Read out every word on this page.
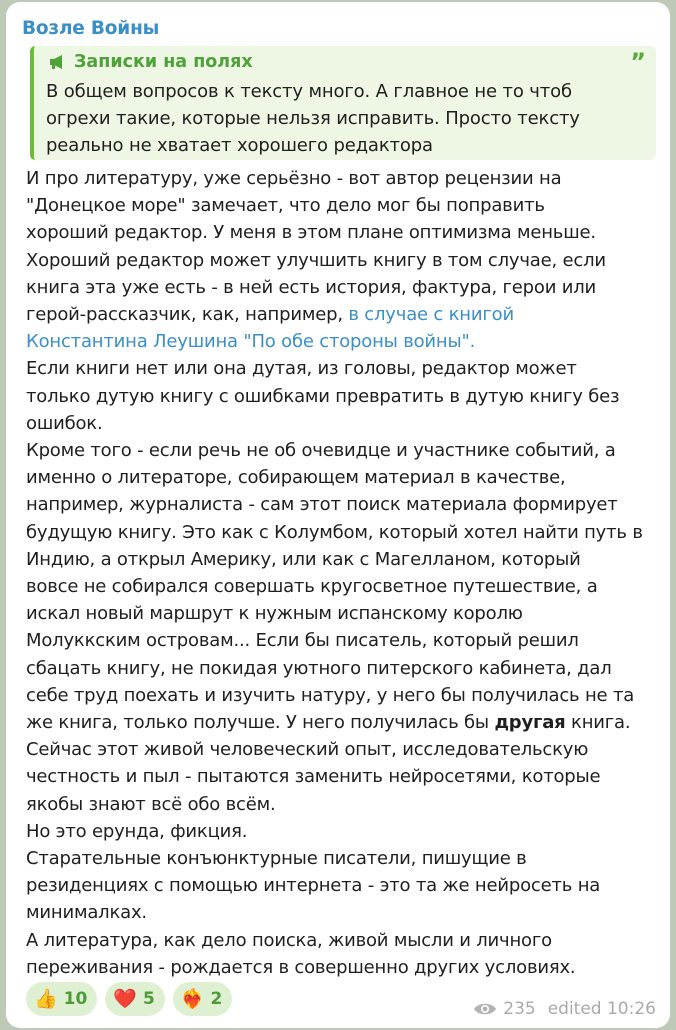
Возле Войны
Записки на полях	”
В общем вопросов к тексту много. А главное не то чтоб
огрехи такие, которые нельзя исправить. Просто тексту
реально не хватает хорошего редактора
И про литературу, уже серьёзно - вот автор рецензии на
"Донецкое море" замечает, что дело мог бы поправить
хороший редактор. У меня в этом плане оптимизма меньше.
Хороший редактор может улучшить книгу в том случае, если
книга эта уже есть - в ней есть история, фактура, герои или
герой-рассказчик, как, например, в случае с книгой
Константина Леушина "По обе стороны войны".
Если книги нет или она дутая, из головы, редактор может
только дутую книгу с ошибками превратить в дутую книгу без
ошибок.
Кроме того - если речь не об очевидце и участнике событий, а
именно о литераторе, собирающем материал в качестве,
например, журналиста - сам этот поиск материала формирует
будущую книгу. Это как с Колумбом, который хотел найти путь в
Индию, а открыл Америку, или как с Магелланом, который
вовсе не собирался совершать кругосветное путешествие, а
искал новый маршрут к нужным испанскому королю
Молуккским островам... Если бы писатель, который решил
сбацать книгу, не покидая уютного питерского кабинета, дал
себе труд поехать и изучить натуру, у него бы получилась не та
же книга, только получше. У него получилась бы другая книга.
Сейчас этот живой человеческий опыт, исследовательскую
честность и пыл - пытаются заменить нейросетями, которые
якобы знают всё обо всём.
Но это ерунда, фикция.
Старательные конъюнктурные писатели, пишущие в
резиденциях с помощью интернета - это та же нейросеть на
минималках.
А литература, как дело поиска, живой мысли и личного
переживания - рождается в совершенно других условиях.
👍 10 ❤️ 5 ❤️‍🔥 2	235 edited 10:26
